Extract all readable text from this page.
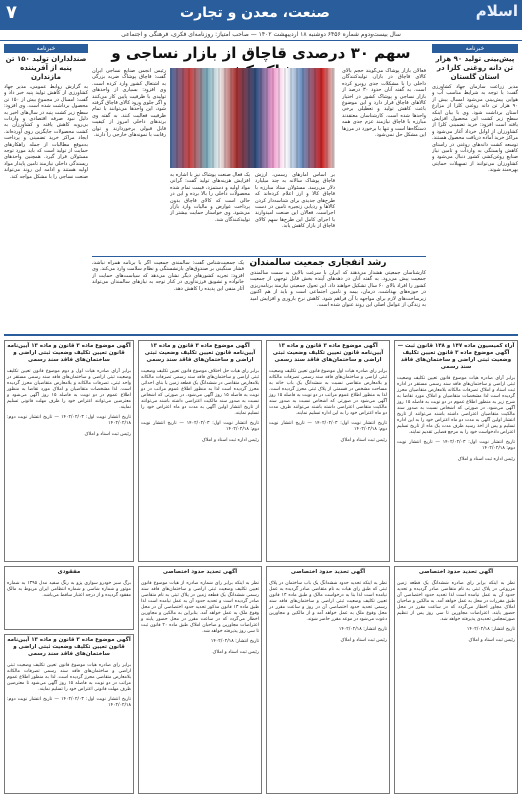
اسلام
صنعت، معدن و تجارت
۷
سال بیست‌ودوم شماره ۶۴۵۶ دوشنبه ۱۸ اردیبهشت ۱۴۰۲ — صاحب امتیاز: روزنامه‌ای فکری، فرهنگی و اجتماعی
خبرنامه
پیش‌بینی تولید ۹۰ هزار تن دانه روغنی کلزا در استان گلستان

مدیر زراعت سازمان جهاد کشاورزی گفت: با توجه به شرایط مناسب آب و هوایی پیش‌بینی می‌شود امسال بیش از ۹۰ هزار تن دانه روغنی کلزا از مزارع استان برداشت شود. وی با بیان اینکه سطح زیر کشت این محصول افزایش یافته است افزود: خرید تضمینی کلزا از کشاورزان از اوایل خرداد آغاز می‌شود و مراکز خرید آماده دریافت محصول هستند. توسعه کشت دانه‌های روغنی در راستای کاهش وابستگی به واردات و تامین نیاز صنایع روغن‌کشی کشور دنبال می‌شود و کشاورزان می‌توانند از تسهیلات حمایتی بهره‌مند شوند.

خبرنامه
صندلداران تولید ۱۵۰ تن پنبه از آفریننده مازندارن

به گزارش روابط عمومی، مدیر جهاد کشاورزی از کاهش تولید پنبه خبر داد و گفت: امسال در مجموع بیش از ۱۵۰ تن محصول برداشت شده است. وی افزود: سطح زیر کشت پنبه در سال‌های اخیر به دلیل نبود صرفه اقتصادی و واردات بی‌رویه کاهش یافته و کشاورزان به کشت محصولات جایگزین روی آورده‌اند. ایجاد مراکز خرید تضمینی و پرداخت به‌موقع مطالبات از جمله راهکارهای حمایت از تولید است که باید مورد توجه مسئولان قرار گیرد. همچنین واحدهای ریسندگی داخلی نیازمند تامین پایدار مواد اولیه هستند و ادامه این روند می‌تواند صنعت نساجی را با مشکل مواجه کند.

سهم ۳۰ درصدی قاچاق از بازار نساجی و

فعالان بازار پوشاک می‌گویند حجم بالای کالای قاچاق در بازار، تولیدکنندگان داخلی را با مشکلات جدی روبرو کرده است. به گفته آنان حدود ۳۰ درصد از بازار نساجی و پوشاک کشور در اختیار کالاهای قاچاق قرار دارد و این موضوع باعث کاهش تولید و تعطیلی برخی واحدها شده است. کارشناسان معتقدند مبارزه با قاچاق نیازمند عزم جدی همه دستگاه‌ها است و تنها با برخورد در مرزها این مشکل حل نمی‌شود.

رئیس انجمن صنایع نساجی ایران گفت: قاچاق پوشاک ضربه بزرگی به اشتغال کشور وارد کرده است. وی افزود: بسیاری از واحدهای تولیدی با ظرفیت پایین کار می‌کنند و اگر جلوی ورود کالای قاچاق گرفته شود، این واحدها می‌توانند با تمام ظرفیت فعالیت کنند. به گفته وی برندهای داخلی امروز از کیفیت قابل قبولی برخوردارند و توان رقابت با نمونه‌های خارجی را دارند.

یک فعال صنعت پوشاک نیز با اشاره به افزایش هزینه‌های تولید گفت: گرانی مواد اولیه و دستمزد، قیمت تمام شده محصولات داخلی را بالا برده و این در حالی است که کالای قاچاق بدون پرداخت عوارض و مالیات وارد بازار می‌شود. وی خواستار حمایت بیشتر از تولیدکنندگان شد.

بر اساس آمارهای رسمی، ارزش قاچاق پوشاک سالانه به چند میلیارد دلار می‌رسد. مسئولان ستاد مبارزه با قاچاق کالا و ارز اعلام کرده‌اند که طرح‌های جدیدی برای شناسه‌دار کردن کالاها و ردیابی زنجیره تامین در دست اجراست. فعالان این صنعت امیدوارند با اجرای کامل این طرح‌ها سهم کالای قاچاق از بازار کاهش یابد.

رشد انفجاری جمعیت سالمندان

کارشناسان جمعیتی هشدار می‌دهند که ایران با سرعت بالایی به سمت سالمندی جمعیت پیش می‌رود. به گفته آنان در دهه‌های آینده بخش قابل توجهی از جمعیت کشور را افراد بالای ۶۰ سال تشکیل خواهند داد. این تحول جمعیتی نیازمند برنامه‌ریزی در حوزه‌های بهداشت، درمان، بیمه و تامین اجتماعی است و باید از هم اکنون زیرساخت‌های لازم برای مواجهه با آن فراهم شود. کاهش نرخ باروری و افزایش امید به زندگی از عوامل اصلی این روند عنوان شده است.

یک جمعیت‌شناس گفت: سالمندی جمعیت اگر با برنامه همراه نباشد، فشار سنگینی بر صندوق‌های بازنشستگی و نظام سلامت وارد می‌کند. وی افزود: تجربه کشورهای دیگر نشان می‌دهد که سیاست‌های حمایت از خانواده و تشویق فرزندآوری در کنار توجه به نیازهای سالمندان می‌تواند آثار منفی این پدیده را کاهش دهد.

آراء کمیسیون ماده ۱۴۷ و ۱۴۸ قانون ثبت — آگهی موضوع ماده ۳ قانون تعیین تکلیف وضعیت ثبتی اراضی و ساختمان‌های فاقد سند رسمی

برابر آرای صادره هیات موضوع قانون تعیین تکلیف وضعیت ثبتی اراضی و ساختمان‌های فاقد سند رسمی مستقر در اداره ثبت اسناد و املاک تصرفات مالکانه بلامعارض متقاضیان محرز گردیده است لذا مشخصات متقاضیان و املاک مورد تقاضا به شرح زیر به منظور اطلاع عموم در دو نوبت به فاصله ۱۵ روز آگهی می‌شود. در صورتی که اشخاص نسبت به صدور سند مالکیت متقاضیان اعتراضی داشته باشند می‌توانند از تاریخ انتشار اولین آگهی به مدت دو ماه اعتراض خود را به این اداره تسلیم و پس از اخذ رسید ظرف مدت یک ماه از تاریخ تسلیم اعتراض دادخواست خود را به مرجع قضایی تقدیم نمایند.

تاریخ انتشار نوبت اول: ۱۴۰۲/۰۲/۰۳ — تاریخ انتشار نوبت دوم: ۱۴۰۲/۰۲/۱۸

رئیس اداره ثبت اسناد و املاک

آگهی موضوع ماده ۳ قانون و ماده ۱۳ آیین‌نامه قانون تعیین تکلیف وضعیت ثبتی اراضی و ساختمان‌های فاقد سند رسمی

برابر رای صادره هیات اول موضوع قانون تعیین تکلیف وضعیت ثبتی اراضی و ساختمان‌های فاقد سند رسمی تصرفات مالکانه و بلامعارض متقاضی نسبت به ششدانگ یک باب خانه به مساحت مشخص در قسمتی از پلاک ثبتی محرز گردیده است. لذا به منظور اطلاع عموم مراتب در دو نوبت به فاصله ۱۵ روز آگهی می‌شود در صورتی که اشخاص نسبت به صدور سند مالکیت متقاضی اعتراضی داشته باشند می‌توانند ظرف مدت دو ماه اعتراض خود را به این اداره تسلیم نمایند.

تاریخ انتشار نوبت اول: ۱۴۰۲/۰۲/۰۳ — تاریخ انتشار نوبت دوم: ۱۴۰۲/۰۲/۱۸

رئیس ثبت اسناد و املاک

آگهی موضوع ماده ۳ قانون و ماده ۱۳ آیین‌نامه قانون تعیین تکلیف وضعیت ثبتی اراضی و ساختمان‌های فاقد سند رسمی

برابر رای هیات حل اختلاف موضوع قانون تعیین تکلیف وضعیت ثبتی اراضی و ساختمان‌های فاقد سند رسمی تصرفات مالکانه بلامعارض متقاضی در ششدانگ یک قطعه زمین با بنای احداثی محرز گردیده است لذا به منظور اطلاع عموم مراتب در دو نوبت به فاصله ۱۵ روز آگهی می‌شود. در صورتی که اشخاص نسبت به صدور سند مالکیت اعتراضی داشته باشند می‌توانند از تاریخ انتشار اولین آگهی به مدت دو ماه اعتراض خود را تسلیم نمایند.

تاریخ انتشار نوبت اول: ۱۴۰۲/۰۲/۰۳ — تاریخ انتشار نوبت دوم: ۱۴۰۲/۰۲/۱۸

رئیس اداره ثبت اسناد و املاک

آگهی موضوع ماده ۳ قانون و ماده ۱۳ آیین‌نامه قانون تعیین تکلیف وضعیت ثبتی اراضی و ساختمان‌های فاقد سند رسمی

برابر آرای صادره هیات اول و دوم موضوع قانون تعیین تکلیف وضعیت ثبتی اراضی و ساختمان‌های فاقد سند رسمی مستقر در واحد ثبتی، تصرفات مالکانه و بلامعارض متقاضیان محرز گردیده است. لذا مشخصات متقاضیان و املاک مورد تقاضا به منظور اطلاع عموم در دو نوبت به فاصله ۱۵ روز آگهی می‌شود و معترضین می‌توانند اعتراض خود را ظرف مهلت قانونی تسلیم نمایند.

تاریخ انتشار نوبت اول: ۱۴۰۲/۰۲/۰۳ — تاریخ انتشار نوبت دوم: ۱۴۰۲/۰۲/۱۸

رئیس ثبت اسناد و املاک

مفقودی

برگ سبز خودرو سواری پژو به رنگ سفید مدل ۱۳۹۵ به شماره موتور و شماره شاسی و شماره انتظامی ایران مربوط به مالک مفقود گردیده و از درجه اعتبار ساقط می‌باشد.

آگهی موضوع ماده ۳ قانون و ماده ۱۳ آیین‌نامه قانون تعیین تکلیف وضعیت ثبتی اراضی و ساختمان‌های فاقد سند رسمی

برابر رای صادره هیات موضوع قانون تعیین تکلیف وضعیت ثبتی اراضی و ساختمان‌های فاقد سند رسمی تصرفات مالکانه بلامعارض متقاضی محرز گردیده است. لذا به منظور اطلاع عموم مراتب در دو نوبت به فاصله ۱۵ روز آگهی می‌شود تا معترضین ظرف مهلت قانونی اعتراض خود را تسلیم نمایند.

تاریخ انتشار نوبت اول: ۱۴۰۲/۰۲/۰۳ — تاریخ انتشار نوبت دوم: ۱۴۰۲/۰۲/۱۸

آگهی تحدید حدود اختصاصی

نظر به اینکه برابر رای شماره صادره از هیات موضوع قانون تعیین تکلیف وضعیت ثبتی اراضی و ساختمان‌های فاقد سند رسمی ششدانگ یک قطعه زمین در پلاک ثبتی به نام متقاضی صادر گردیده است و تحدید حدود آن به عمل نیامده است لذا طبق ماده ۱۳ قانون مذکور تحدید حدود اختصاصی آن در محل وقوع ملک به عمل خواهد آمد. بنابراین به مالکین و مجاورین اخطار می‌گردد که در ساعت مقرر در محل حضور یابند و اعتراضات مجاورین و صاحبان املاک طبق ماده ۲۰ قانون ثبت تا سی روز پذیرفته خواهد شد.

تاریخ انتشار: ۱۴۰۲/۰۲/۱۸

رئیس ثبت اسناد و املاک

آگهی تحدید حدود اختصاصی

نظر به اینکه تحدید حدود ششدانگ یک باب ساختمان در پلاک ثبتی که طبق رای هیات به نام متقاضی صادر گردیده به عمل نیامده است لذا بنا به درخواست مالک و طبق ماده ۱۳ قانون تعیین تکلیف وضعیت ثبتی اراضی و ساختمان‌های فاقد سند رسمی تحدید حدود اختصاصی آن در روز و ساعت مقرر در محل وقوع ملک به عمل خواهد آمد و از مالکین و مجاورین دعوت می‌شود در موعد مقرر حاضر شوند.

تاریخ انتشار: ۱۴۰۲/۰۲/۱۸

رئیس ثبت اسناد و املاک

آگهی تحدید حدود اختصاصی

نظر به اینکه برابر رای صادره ششدانگ یک قطعه زمین مزروعی در پلاک ثبتی به نام متقاضی صادر گردیده و تحدید حدود آن به عمل نیامده است لذا تحدید حدود اختصاصی آن طبق مقررات در محل به عمل خواهد آمد. به مالکین و صاحبان املاک مجاور اخطار می‌گردد که در ساعت مقرر در محل حضور یابند. اعتراضات مجاورین تا سی روز پس از تنظیم صورتمجلس تحدیدی پذیرفته خواهد شد.

تاریخ انتشار: ۱۴۰۲/۰۲/۱۸

رئیس ثبت اسناد و املاک
